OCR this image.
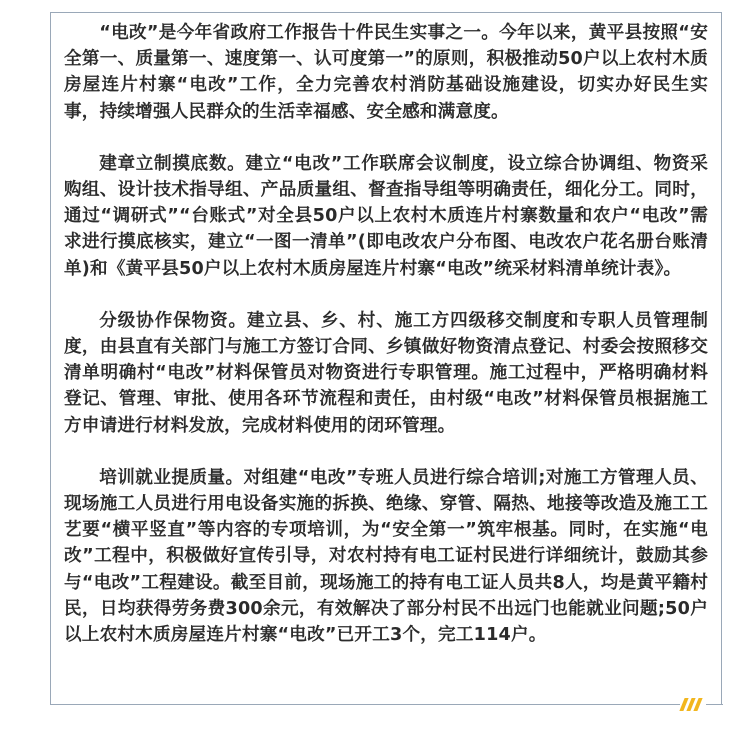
“电改”是今年省政府工作报告十件民生实事之一。今年以来，黄平县按照“安全第一、质量第一、速度第一、认可度第一”的原则，积极推动50户以上农村木质房屋连片村寨“电改”工作，全力完善农村消防基础设施建设，切实办好民生实事，持续增强人民群众的生活幸福感、安全感和满意度。

建章立制摸底数。建立“电改”工作联席会议制度，设立综合协调组、物资采购组、设计技术指导组、产品质量组、督查指导组等明确责任，细化分工。同时，通过“调研式”“台账式”对全县50户以上农村木质连片村寨数量和农户“电改”需求进行摸底核实，建立“一图一清单”(即电改农户分布图、电改农户花名册台账清单)和《黄平县50户以上农村木质房屋连片村寨“电改”统采材料清单统计表》。

分级协作保物资。建立县、乡、村、施工方四级移交制度和专职人员管理制度，由县直有关部门与施工方签订合同、乡镇做好物资清点登记、村委会按照移交清单明确村“电改”材料保管员对物资进行专职管理。施工过程中，严格明确材料登记、管理、审批、使用各环节流程和责任，由村级“电改”材料保管员根据施工方申请进行材料发放，完成材料使用的闭环管理。

培训就业提质量。对组建“电改”专班人员进行综合培训;对施工方管理人员、现场施工人员进行用电设备实施的拆换、绝缘、穿管、隔热、地接等改造及施工工艺要“横平竖直”等内容的专项培训，为“安全第一”筑牢根基。同时，在实施“电改”工程中，积极做好宣传引导，对农村持有电工证村民进行详细统计，鼓励其参与“电改”工程建设。截至目前，现场施工的持有电工证人员共8人，均是黄平籍村民，日均获得劳务费300余元，有效解决了部分村民不出远门也能就业问题;50户以上农村木质房屋连片村寨“电改”已开工3个，完工114户。
